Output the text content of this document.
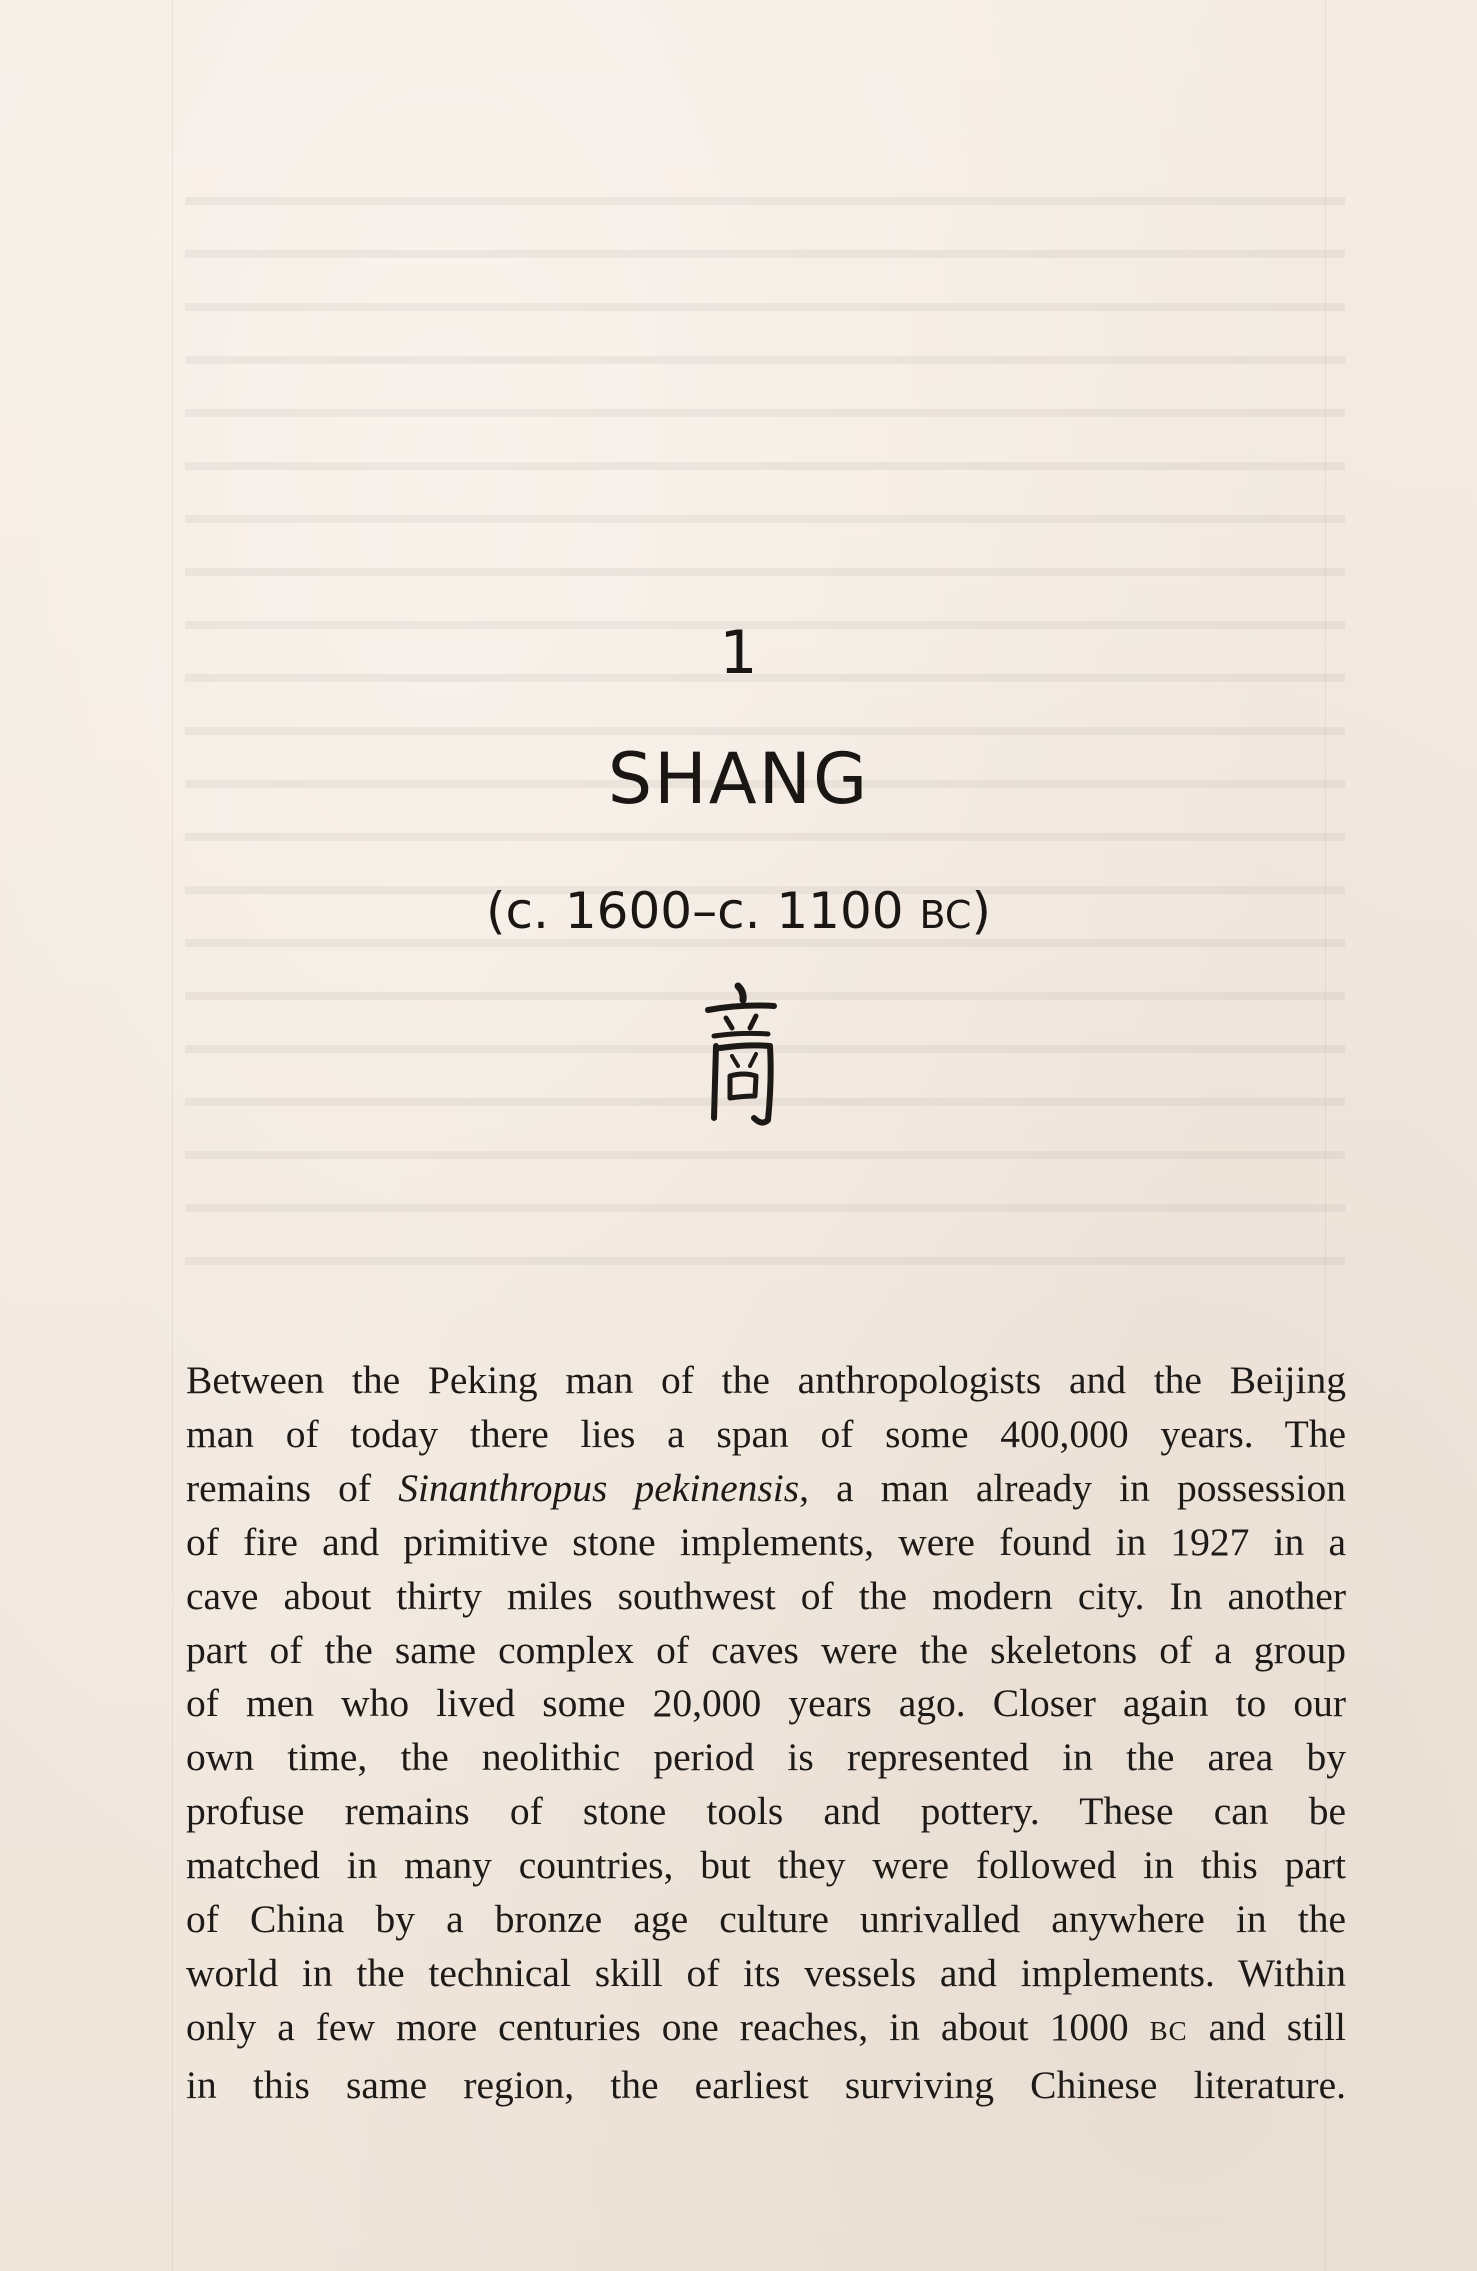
1
SHANG
(c. 1600–c. 1100 BC)
Between the Peking man of the anthropologists and the Beijing
man of today there lies a span of some 400,000 years. The
remains of Sinanthropus pekinensis, a man already in possession
of fire and primitive stone implements, were found in 1927 in a
cave about thirty miles southwest of the modern city. In another
part of the same complex of caves were the skeletons of a group
of men who lived some 20,000 years ago. Closer again to our
own time, the neolithic period is represented in the area by
profuse remains of stone tools and pottery. These can be
matched in many countries, but they were followed in this part
of China by a bronze age culture unrivalled anywhere in the
world in the technical skill of its vessels and implements. Within
only a few more centuries one reaches, in about 1000 BC and still
in this same region, the earliest surviving Chinese literature.
